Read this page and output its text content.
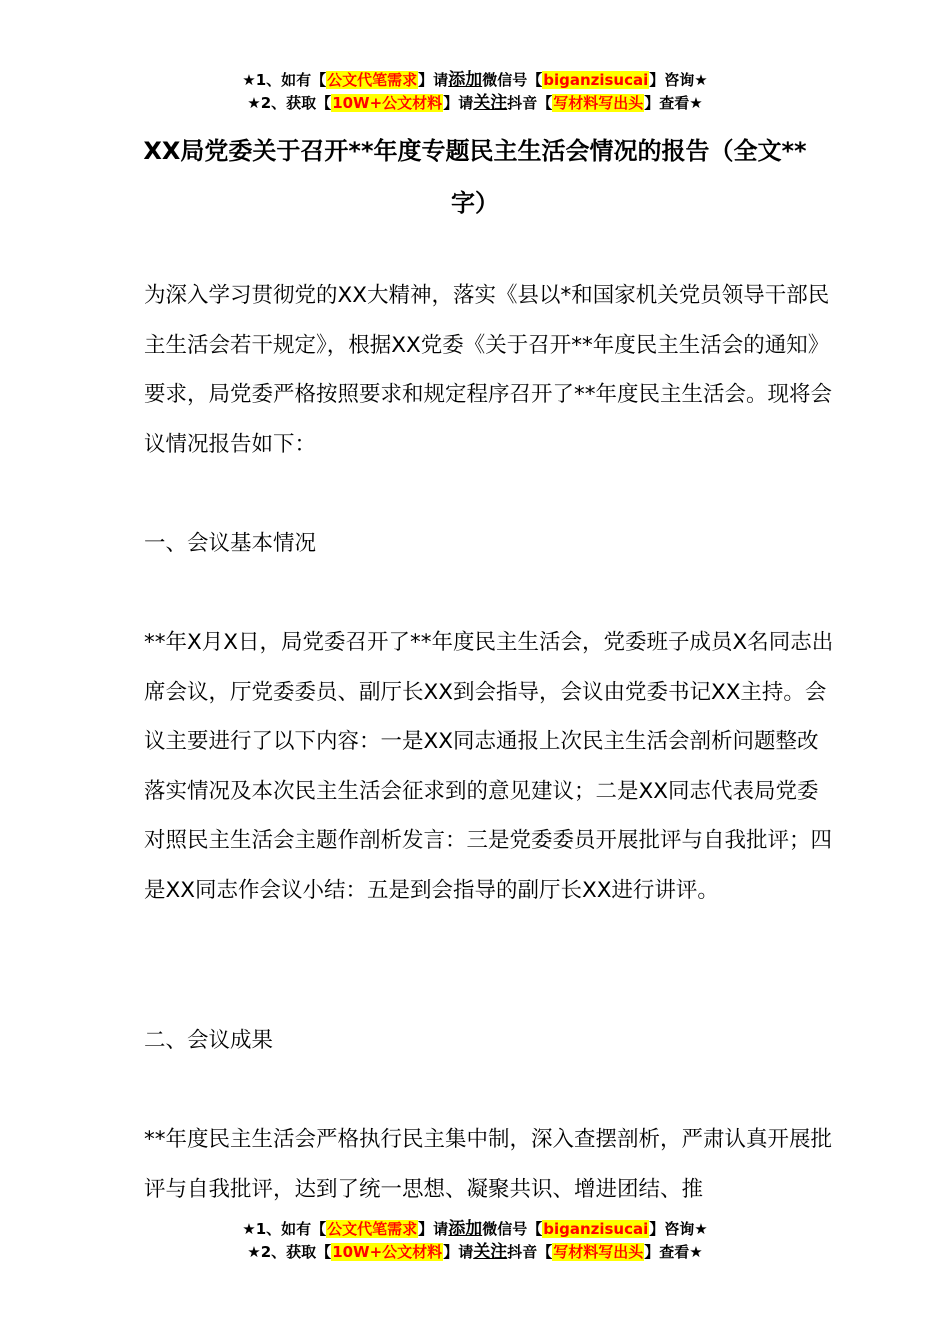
★1、如有【公文代笔需求】请添加微信号【biganzisucai】咨询★
★2、获取【10W+公文材料】请关注抖音【写材料写出头】查看★
XX局党委关于召开**年度专题民主生活会情况的报告（全文**字）
为深入学习贯彻党的XX大精神，落实《县以*和国家机关党员领导干部民主生活会若干规定》，根据XX党委《关于召开**年度民主生活会的通知》要求，局党委严格按照要求和规定程序召开了**年度民主生活会。现将会议情况报告如下：
一、会议基本情况
**年X月X日，局党委召开了**年度民主生活会，党委班子成员X名同志出席会议，厅党委委员、副厅长XX到会指导，会议由党委书记XX主持。会议主要进行了以下内容：一是XX同志通报上次民主生活会剖析问题整改落实情况及本次民主生活会征求到的意见建议；二是XX同志代表局党委对照民主生活会主题作剖析发言：三是党委委员开展批评与自我批评；四是XX同志作会议小结：五是到会指导的副厅长XX进行讲评。
二、会议成果
**年度民主生活会严格执行民主集中制，深入查摆剖析，严肃认真开展批评与自我批评，达到了统一思想、凝聚共识、增进团结、推
★1、如有【公文代笔需求】请添加微信号【biganzisucai】咨询★
★2、获取【10W+公文材料】请关注抖音【写材料写出头】查看★
